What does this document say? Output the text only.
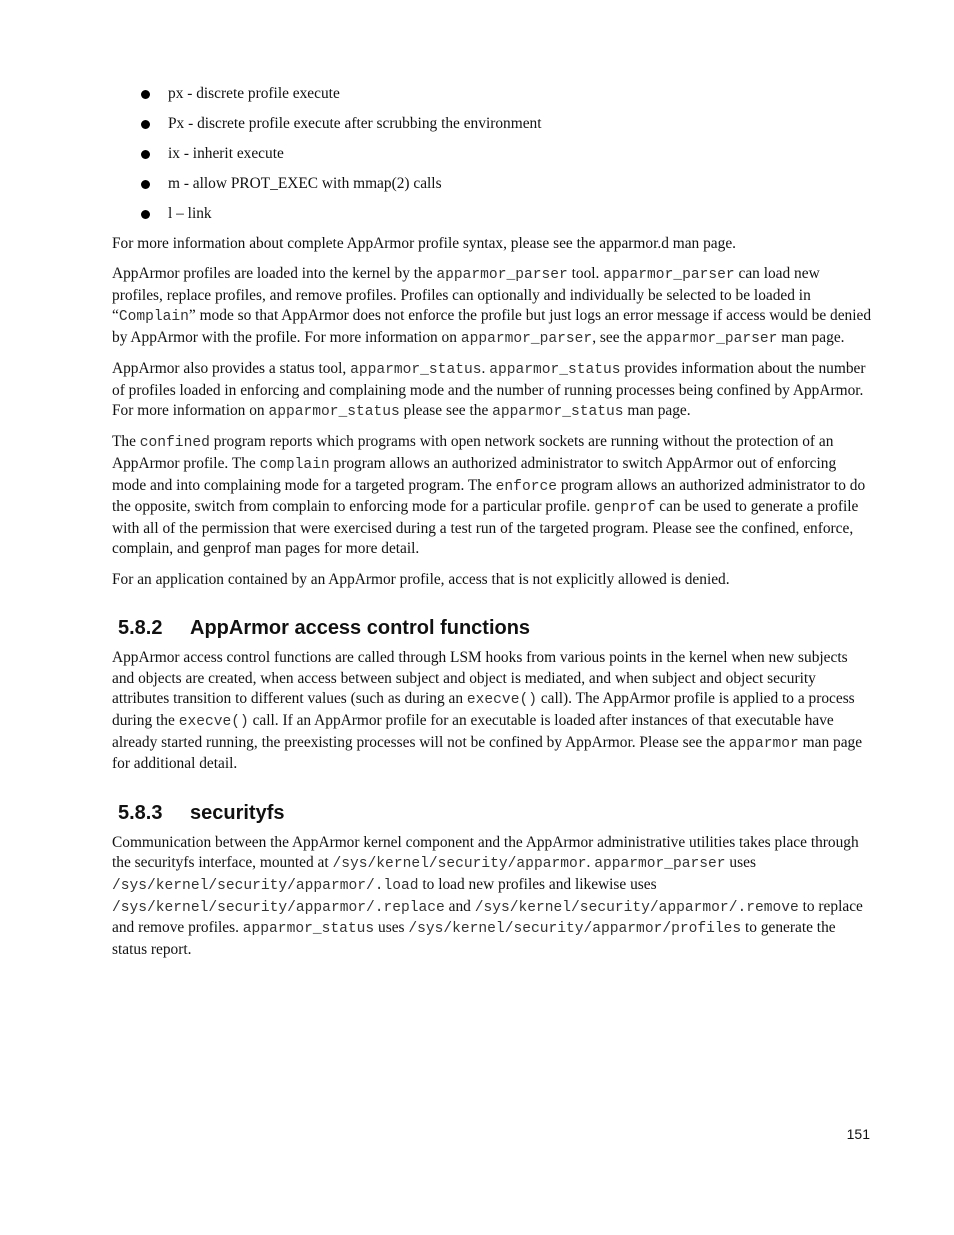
px - discrete profile execute
Px - discrete profile execute after scrubbing the environment
ix - inherit execute
m - allow PROT_EXEC with mmap(2) calls
l – link

For more information about complete AppArmor profile syntax, please see the apparmor.d man page.

AppArmor profiles are loaded into the kernel by the apparmor_parser tool. apparmor_parser can load new profiles, replace profiles, and remove profiles. Profiles can optionally and individually be selected to be loaded in “Complain” mode so that AppArmor does not enforce the profile but just logs an error message if access would be denied by AppArmor with the profile. For more information on apparmor_parser, see the apparmor_parser man page.

AppArmor also provides a status tool, apparmor_status. apparmor_status provides information about the number of profiles loaded in enforcing and complaining mode and the number of running processes being confined by AppArmor. For more information on apparmor_status please see the apparmor_status man page.

The confined program reports which programs with open network sockets are running without the protection of an AppArmor profile. The complain program allows an authorized administrator to switch AppArmor out of enforcing mode and into complaining mode for a targeted program. The enforce program allows an authorized administrator to do the opposite, switch from complain to enforcing mode for a particular profile. genprof can be used to generate a profile with all of the permission that were exercised during a test run of the targeted program. Please see the confined, enforce, complain, and genprof man pages for more detail.

For an application contained by an AppArmor profile, access that is not explicitly allowed is denied.

5.8.2 AppArmor access control functions

AppArmor access control functions are called through LSM hooks from various points in the kernel when new subjects and objects are created, when access between subject and object is mediated, and when subject and object security attributes transition to different values (such as during an execve() call). The AppArmor profile is applied to a process during the execve() call. If an AppArmor profile for an executable is loaded after instances of that executable have already started running, the preexisting processes will not be confined by AppArmor. Please see the apparmor man page for additional detail.

5.8.3 securityfs

Communication between the AppArmor kernel component and the AppArmor administrative utilities takes place through the securityfs interface, mounted at /sys/kernel/security/apparmor. apparmor_parser uses /sys/kernel/security/apparmor/.load to load new profiles and likewise uses /sys/kernel/security/apparmor/.replace and /sys/kernel/security/apparmor/.remove to replace and remove profiles. apparmor_status uses /sys/kernel/security/apparmor/profiles to generate the status report.

151
